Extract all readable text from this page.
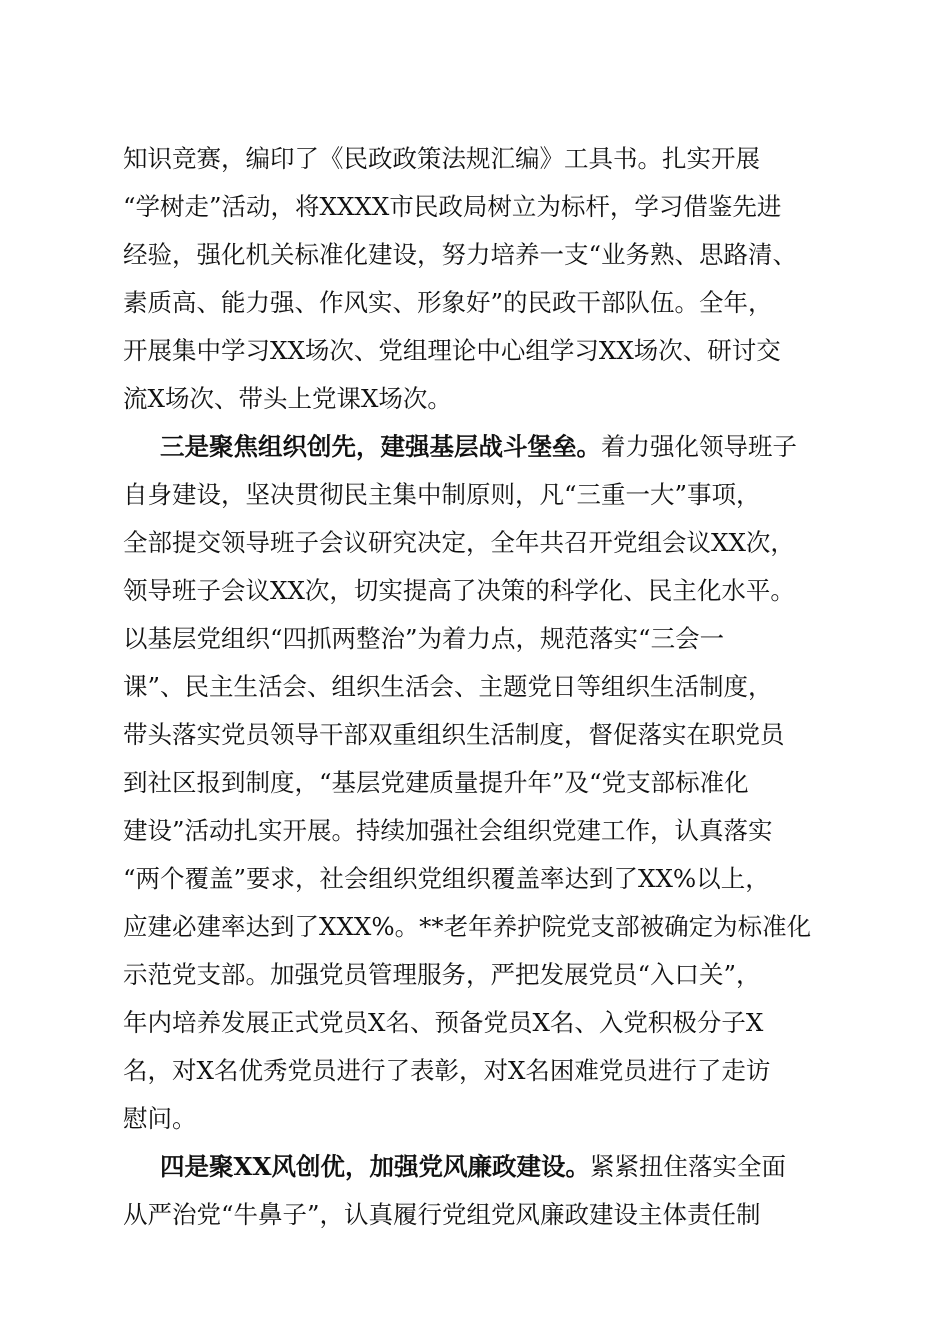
知识竞赛，编印了《民政政策法规汇编》工具书。扎实开展
“学树走”活动，将XXXX市民政局树立为标杆，学习借鉴先进
经验，强化机关标准化建设，努力培养一支“业务熟、思路清、
素质高、能力强、作风实、形象好”的民政干部队伍。全年，
开展集中学习XX场次、党组理论中心组学习XX场次、研讨交
流X场次、带头上党课X场次。
三是聚焦组织创先，建强基层战斗堡垒。着力强化领导班子
自身建设，坚决贯彻民主集中制原则，凡“三重一大”事项，
全部提交领导班子会议研究决定，全年共召开党组会议XX次，
领导班子会议XX次，切实提高了决策的科学化、民主化水平。
以基层党组织“四抓两整治”为着力点，规范落实“三会一
课”、民主生活会、组织生活会、主题党日等组织生活制度，
带头落实党员领导干部双重组织生活制度，督促落实在职党员
到社区报到制度，“基层党建质量提升年”及“党支部标准化
建设”活动扎实开展。持续加强社会组织党建工作，认真落实
“两个覆盖”要求，社会组织党组织覆盖率达到了XX%以上，
应建必建率达到了XXX%。**老年养护院党支部被确定为标准化
示范党支部。加强党员管理服务，严把发展党员“入口关”，
年内培养发展正式党员X名、预备党员X名、入党积极分子X
名，对X名优秀党员进行了表彰，对X名困难党员进行了走访
慰问。
四是聚XX风创优，加强党风廉政建设。紧紧扭住落实全面
从严治党“牛鼻子”，认真履行党组党风廉政建设主体责任制
